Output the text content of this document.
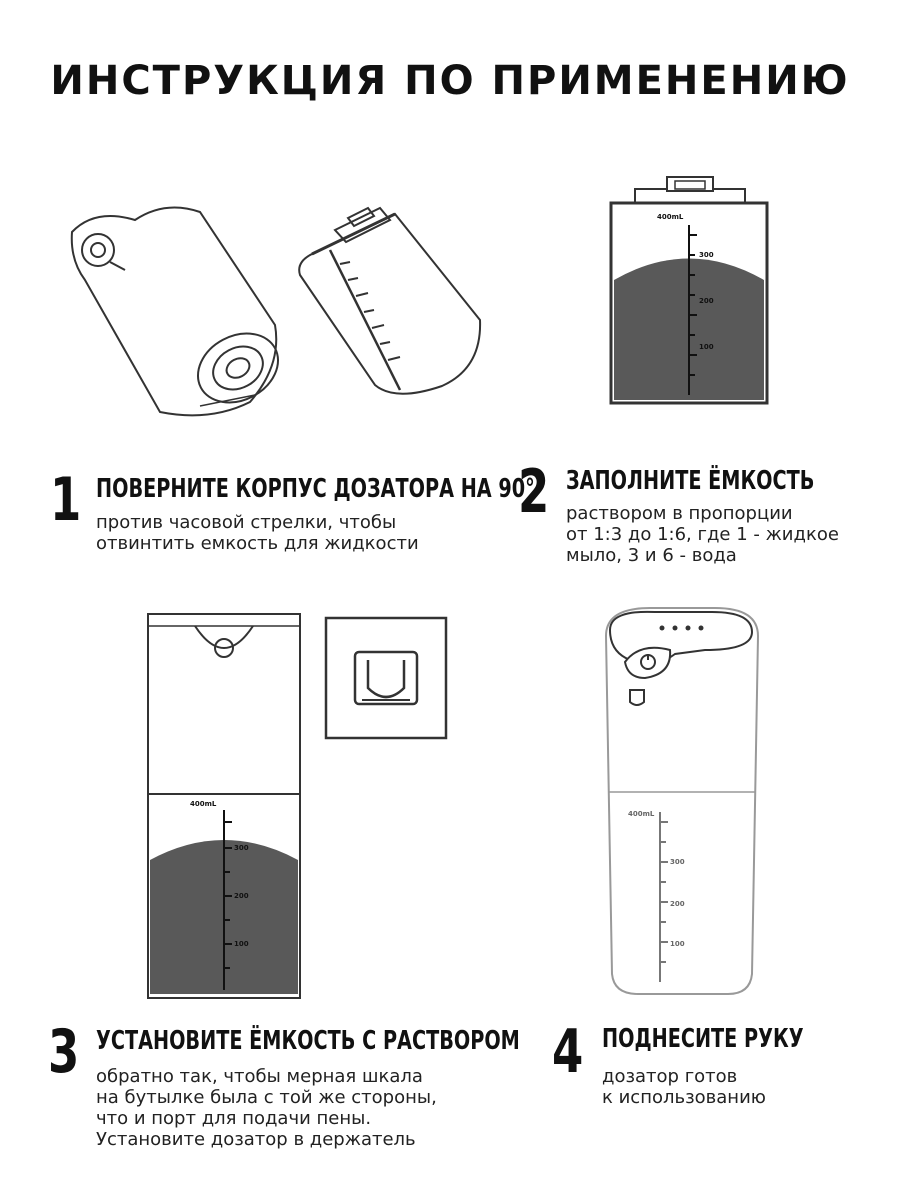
ИНСТРУКЦИЯ ПО ПРИМЕНЕНИЮ
400mL
300
200
100
400mL
300
200
100
400mL
300
200
100
1 ПОВЕРНИТЕ КОРПУС ДОЗАТОРА НА 90°
против часовой стрелки, чтобы
отвинтить емкость для жидкости
2 ЗАПОЛНИТЕ ЁМКОСТЬ
раствором в пропорции
от 1:3 до 1:6, где 1 - жидкое
мыло, 3 и 6 - вода
3 УСТАНОВИТЕ ЁМКОСТЬ С РАСТВОРОМ
обратно так, чтобы мерная шкала
на бутылке была с той же стороны,
что и порт для подачи пены.
Установите дозатор в держатель
4 ПОДНЕСИТЕ РУКУ
дозатор готов
к использованию
